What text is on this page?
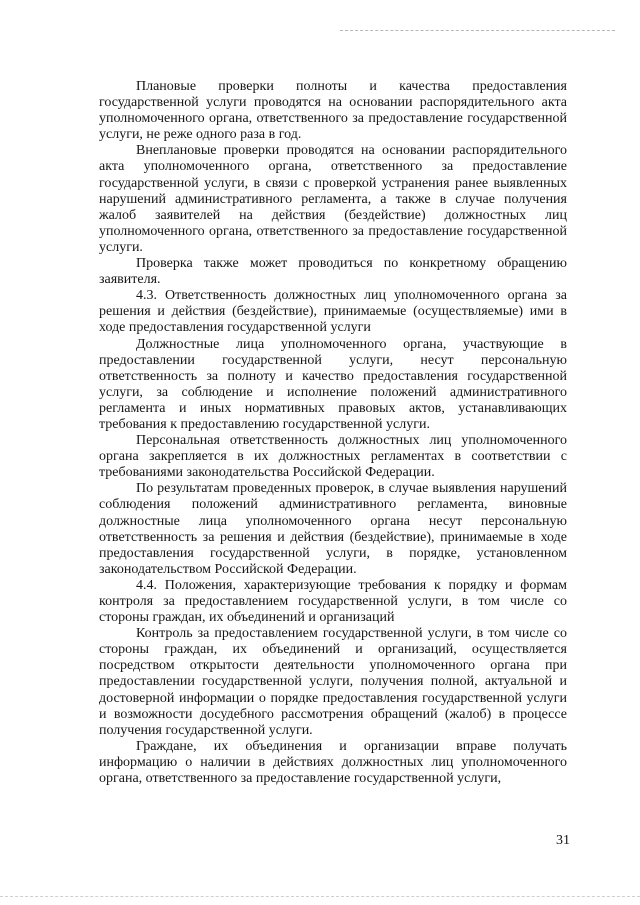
Плановые проверки полноты и качества предоставления государственной услуги проводятся на основании распорядительного акта уполномоченного органа, ответственного за предоставление государственной услуги, не реже одного раза в год.

Внеплановые проверки проводятся на основании распорядительного акта уполномоченного органа, ответственного за предоставление государственной услуги, в связи с проверкой устранения ранее выявленных нарушений административного регламента, а также в случае получения жалоб заявителей на действия (бездействие) должностных лиц уполномоченного органа, ответственного за предоставление государственной услуги.

Проверка также может проводиться по конкретному обращению заявителя.

4.3. Ответственность должностных лиц уполномоченного органа за решения и действия (бездействие), принимаемые (осуществляемые) ими в ходе предоставления государственной услуги

Должностные лица уполномоченного органа, участвующие в предоставлении государственной услуги, несут персональную ответственность за полноту и качество предоставления государственной услуги, за соблюдение и исполнение положений административного регламента и иных нормативных правовых актов, устанавливающих требования к предоставлению государственной услуги.

Персональная ответственность должностных лиц уполномоченного органа закрепляется в их должностных регламентах в соответствии с требованиями законодательства Российской Федерации.

По результатам проведенных проверок, в случае выявления нарушений соблюдения положений административного регламента, виновные должностные лица уполномоченного органа несут персональную ответственность за решения и действия (бездействие), принимаемые в ходе предоставления государственной услуги, в порядке, установленном законодательством Российской Федерации.

4.4. Положения, характеризующие требования к порядку и формам контроля за предоставлением государственной услуги, в том числе со стороны граждан, их объединений и организаций

Контроль за предоставлением государственной услуги, в том числе со стороны граждан, их объединений и организаций, осуществляется посредством открытости деятельности уполномоченного органа при предоставлении государственной услуги, получения полной, актуальной и достоверной информации о порядке предоставления государственной услуги и возможности досудебного рассмотрения обращений (жалоб) в процессе получения государственной услуги.

Граждане, их объединения и организации вправе получать информацию о наличии в действиях должностных лиц уполномоченного органа, ответственного за предоставление государственной услуги,

31
